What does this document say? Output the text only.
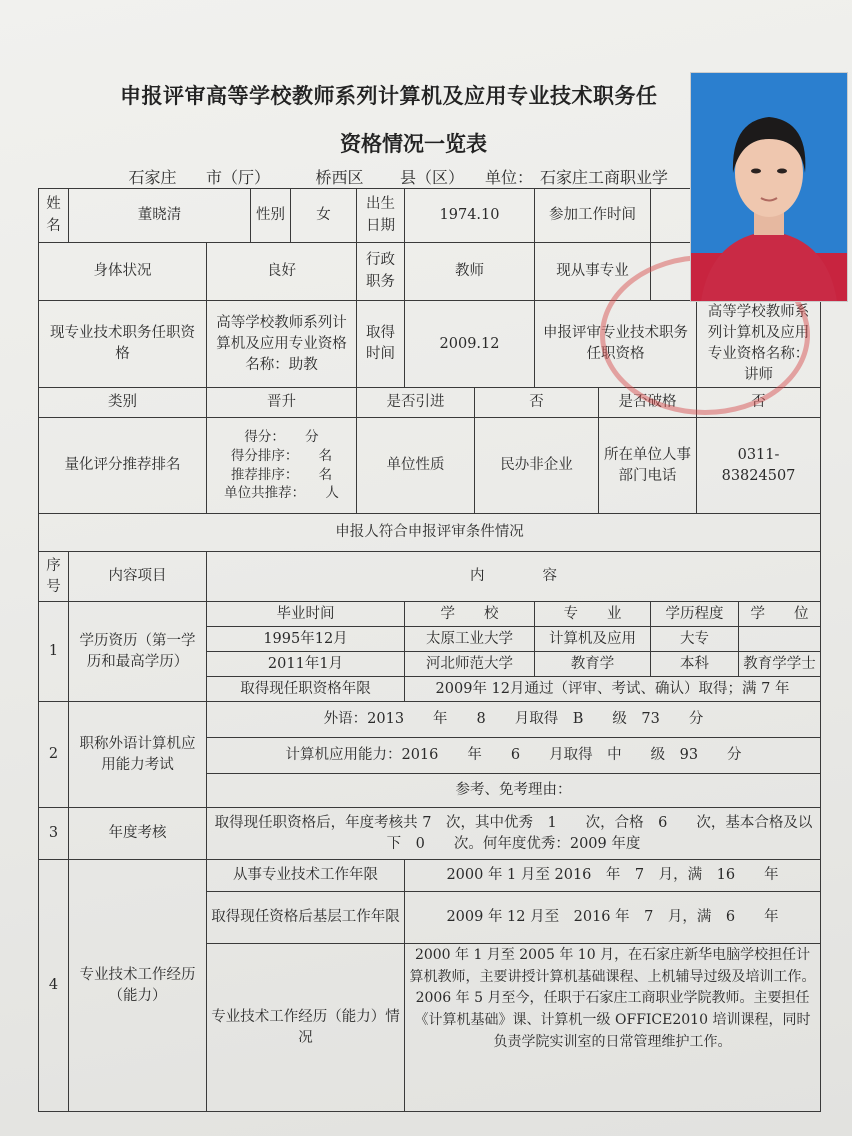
申报评审高等学校教师系列计算机及应用专业技术职务任
资格情况一览表
石家庄	市（厅）	桥西区	县（区） 单位： 石家庄工商职业学
姓名	董晓清		性别	女	出生日期	1974.10		参加工作时间	
身体状况		良好			行政职务	教师		现从事专业	
现专业技术职务任职资格		高等学校教师系列计算机及应用专业资格名称：助教			取得时间	2009.12		申报评审专业技术职务任职资格			高等学校教师系列计算机及应用专业资格名称：讲师	
类别		晋升			是否引进		否		是否破格		否	
量化评分推荐排名		得分：　　分
得分排序：　　名
推荐排序：　　名
单位共推荐：　　人			单位性质		民办非企业		所在单位人事部门电话		0311-83824507	
申报人符合申报评审条件情况												
序号	内容项目	内　　　　容										
1	学历资历（第一学历和最高学历）	毕业时间				学　　校		专　　业		学历程度		学　　位
		1995年12月				太原工业大学		计算机及应用		大专		
		2011年1月				河北师范大学		教育学		本科		教育学学士
		取得现任职资格年限				2009年 12月通过（评审、考试、确认）取得；满 7 年						
2	职称外语计算机应用能力考试	外语：2013　　年　　8　　月取得　B　　级　73　　分										
		计算机应用能力：2016　　年　　6　　月取得　中　　级　93　　分										
		参考、免考理由：										
3	年度考核	取得现任职资格后，年度考核共 7　次，其中优秀　1　　次，合格　6　　次，基本合格及以下　0　　次。何年度优秀：2009 年度										
4	专业技术工作经历（能力）	从事专业技术工作年限				2000 年 1 月至 2016　年　7　月，满　16　　年						
		取得现任资格后基层工作年限				2009 年 12 月至　2016 年　7　月，满　6　　年						
		专业技术工作经历（能力）情况				2000 年 1 月至 2005 年 10 月，在石家庄新华电脑学校担任计算机教师，主要讲授计算机基础课程、上机辅导过级及培训工作。
2006 年 5 月至今，任职于石家庄工商职业学院教师。主要担任《计算机基础》课、计算机一级 OFFICE2010 培训课程，同时负责学院实训室的日常管理维护工作。						
